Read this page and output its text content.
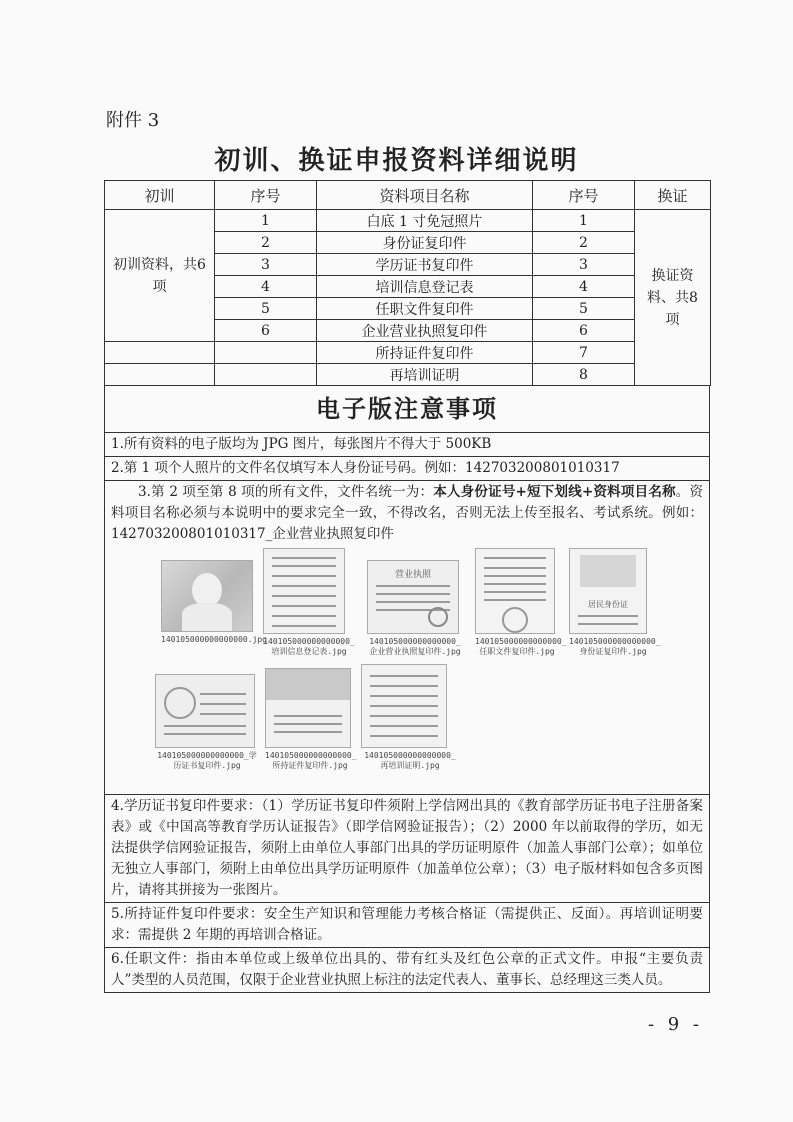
附件 3
初训、换证申报资料详细说明
初训	序号	资料项目名称	序号	换证

初训资料，共6项	1	白底 1 寸免冠照片	1	换证资料、共8项

	2	身份证复印件	2	
	3	学历证书复印件	3	
	4	培训信息登记表	4	
	5	任职文件复印件	5	
	6	企业营业执照复印件	6	
		所持证件复印件	7	
		再培训证明	8	
电子版注意事项
1.所有资料的电子版均为 JPG 图片，每张图片不得大于 500KB
2.第 1 项个人照片的文件名仅填写本人身份证号码。例如：142703200801010317
3.第 2 项至第 8 项的所有文件，文件名统一为：本人身份证号+短下划线+资料项目名称。资料项目名称必须与本说明中的要求完全一致，不得改名，否则无法上传至报名、考试系统。例如：142703200801010317_企业营业执照复印件
140105000000000000.jpg
140105000000000000_培训信息登记表.jpg
营业执照
140105000000000000_企业营业执照复印件.jpg
140105000000000000_任职文件复印件.jpg
居民身份证
140105000000000000_身份证复印件.jpg
140105000000000000_学历证书复印件.jpg
140105000000000000_所持证件复印件.jpg
140105000000000000_再培训证明.jpg
4.学历证书复印件要求：（1）学历证书复印件须附上学信网出具的《教育部学历证书电子注册备案表》或《中国高等教育学历认证报告》（即学信网验证报告）；（2）2000 年以前取得的学历，如无法提供学信网验证报告，须附上由单位人事部门出具的学历证明原件（加盖人事部门公章）；如单位无独立人事部门，须附上由单位出具学历证明原件（加盖单位公章）；（3）电子版材料如包含多页图片，请将其拼接为一张图片。
5.所持证件复印件要求：安全生产知识和管理能力考核合格证（需提供正、反面）。再培训证明要求：需提供 2 年期的再培训合格证。
6.任职文件：指由本单位或上级单位出具的、带有红头及红色公章的正式文件。申报“主要负责人”类型的人员范围，仅限于企业营业执照上标注的法定代表人、董事长、总经理这三类人员。
- 9 -
